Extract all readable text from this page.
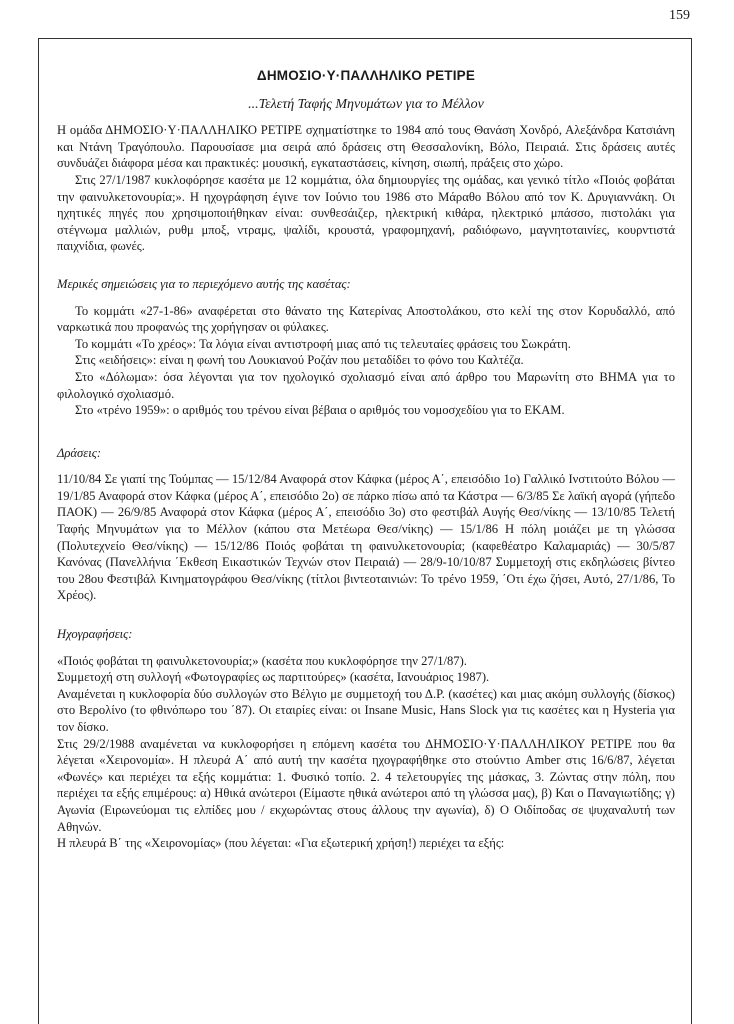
159
ΔΗΜΟΣΙΟ·Υ·ΠΑΛΛΗΛΙΚΟ ΡΕΤΙΡΕ
...Τελετή Ταφής Μηνυμάτων για το Μέλλον

Η ομάδα ΔΗΜΟΣΙΟ·Υ·ΠΑΛΛΗΛΙΚΟ ΡΕΤΙΡΕ σχηματίστηκε το 1984 από τους Θανάση Χονδρό, Αλεξάνδρα Κατσιάνη και Ντάνη Τραγόπουλο. Παρουσίασε μια σειρά από δράσεις στη Θεσσαλονίκη, Βόλο, Πειραιά. Στις δράσεις αυτές συνδυάζει διάφορα μέσα και πρακτικές: μουσική, εγκαταστάσεις, κίνηση, σιωπή, πράξεις στο χώρο.

Στις 27/1/1987 κυκλοφόρησε κασέτα με 12 κομμάτια, όλα δημιουργίες της ομάδας, και γενικό τίτλο «Ποιός φοβάται την φαινυλκετονουρία;». Η ηχογράφηση έγινε τον Ιούνιο του 1986 στο Μάραθο Βόλου από τον Κ. Δρυγιαννάκη. Οι ηχητικές πηγές που χρησιμοποιήθηκαν είναι: συνθεσάιζερ, ηλεκτρική κιθάρα, ηλεκτρικό μπάσσο, πιστολάκι για στέγνωμα μαλλιών, ρυθμ μποξ, ντραμς, ψαλίδι, κρουστά, γραφομηχανή, ραδιόφωνο, μαγνητοταινίες, κουρντιστά παιχνίδια, φωνές.

Μερικές σημειώσεις για το περιεχόμενο αυτής της κασέτας:

Το κομμάτι «27-1-86» αναφέρεται στο θάνατο της Κατερίνας Αποστολάκου, στο κελί της στον Κορυδαλλό, από ναρκωτικά που προφανώς της χορήγησαν οι φύλακες.

Το κομμάτι «Το χρέος»: Τα λόγια είναι αντιστροφή μιας από τις τελευταίες φράσεις του Σωκράτη.

Στις «ειδήσεις»: είναι η φωνή του Λουκιανού Ροζάν που μεταδίδει το φόνο του Καλτέζα.

Στο «Δόλωμα»: όσα λέγονται για τον ηχολογικό σχολιασμό είναι από άρθρο του Μαρωνίτη στο ΒΗΜΑ για το φιλολογικό σχολιασμό.

Στο «τρένο 1959»: ο αριθμός του τρένου είναι βέβαια ο αριθμός του νομοσχεδίου για το ΕΚΑΜ.

Δράσεις:

11/10/84 Σε γιαπί της Τούμπας — 15/12/84 Αναφορά στον Κάφκα (μέρος Α΄, επεισόδιο 1ο) Γαλλικό Ινστιτούτο Βόλου — 19/1/85 Αναφορά στον Κάφκα (μέρος Α΄, επεισόδιο 2ο) σε πάρκο πίσω από τα Κάστρα — 6/3/85 Σε λαϊκή αγορά (γήπεδο ΠΑΟΚ) — 26/9/85 Αναφορά στον Κάφκα (μέρος Α΄, επεισόδιο 3ο) στο φεστιβάλ Αυγής Θεσ/νίκης — 13/10/85 Τελετή Ταφής Μηνυμάτων για το Μέλλον (κάπου στα Μετέωρα Θεσ/νίκης) — 15/1/86 Η πόλη μοιάζει με τη γλώσσα (Πολυτεχνείο Θεσ/νίκης) — 15/12/86 Ποιός φοβάται τη φαινυλκετονουρία; (καφεθέατρο Καλαμαριάς) — 30/5/87 Κανόνας (Πανελλήνια ΄Εκθεση Εικαστικών Τεχνών στον Πειραιά) — 28/9-10/10/87 Συμμετοχή στις εκδηλώσεις βίντεο του 28ου Φεστιβάλ Κινηματογράφου Θεσ/νίκης (τίτλοι βιντεοταινιών: Το τρένο 1959, ΄Οτι έχω ζήσει, Αυτό, 27/1/86, Το Χρέος).

Ηχογραφήσεις:

«Ποιός φοβάται τη φαινυλκετονουρία;» (κασέτα που κυκλοφόρησε την 27/1/87).

Συμμετοχή στη συλλογή «Φωτογραφίες ως παρτιτούρες» (κασέτα, Ιανουάριος 1987).

Αναμένεται η κυκλοφορία δύο συλλογών στο Βέλγιο με συμμετοχή του Δ.Ρ. (κασέτες) και μιας ακόμη συλλογής (δίσκος) στο Βερολίνο (το φθινόπωρο του ΄87). Οι εταιρίες είναι: οι Insane Music, Hans Slock για τις κασέτες και η Hysteria για τον δίσκο.

Στις 29/2/1988 αναμένεται να κυκλοφορήσει η επόμενη κασέτα του ΔΗΜΟΣΙΟ·Υ·ΠΑΛΛΗΛΙΚΟΥ ΡΕΤΙΡΕ που θα λέγεται «Χειρονομία». Η πλευρά Α΄ από αυτή την κασέτα ηχογραφήθηκε στο στούντιο Amber στις 16/6/87, λέγεται «Φωνές» και περιέχει τα εξής κομμάτια: 1. Φυσικό τοπίο. 2. 4 τελετουργίες της μάσκας, 3. Ζώντας στην πόλη, που περιέχει τα εξής επιμέρους: α) Ηθικά ανώτεροι (Είμαστε ηθικά ανώτεροι από τη γλώσσα μας), β) Και ο Παναγιωτίδης; γ) Αγωνία (Ειρωνεύομαι τις ελπίδες μου / εκχωρώντας στους άλλους την αγωνία), δ) Ο Οιδίποδας σε ψυχαναλυτή των Αθηνών.

Η πλευρά Β΄ της «Χειρονομίας» (που λέγεται: «Για εξωτερική χρήση!) περιέχει τα εξής:
